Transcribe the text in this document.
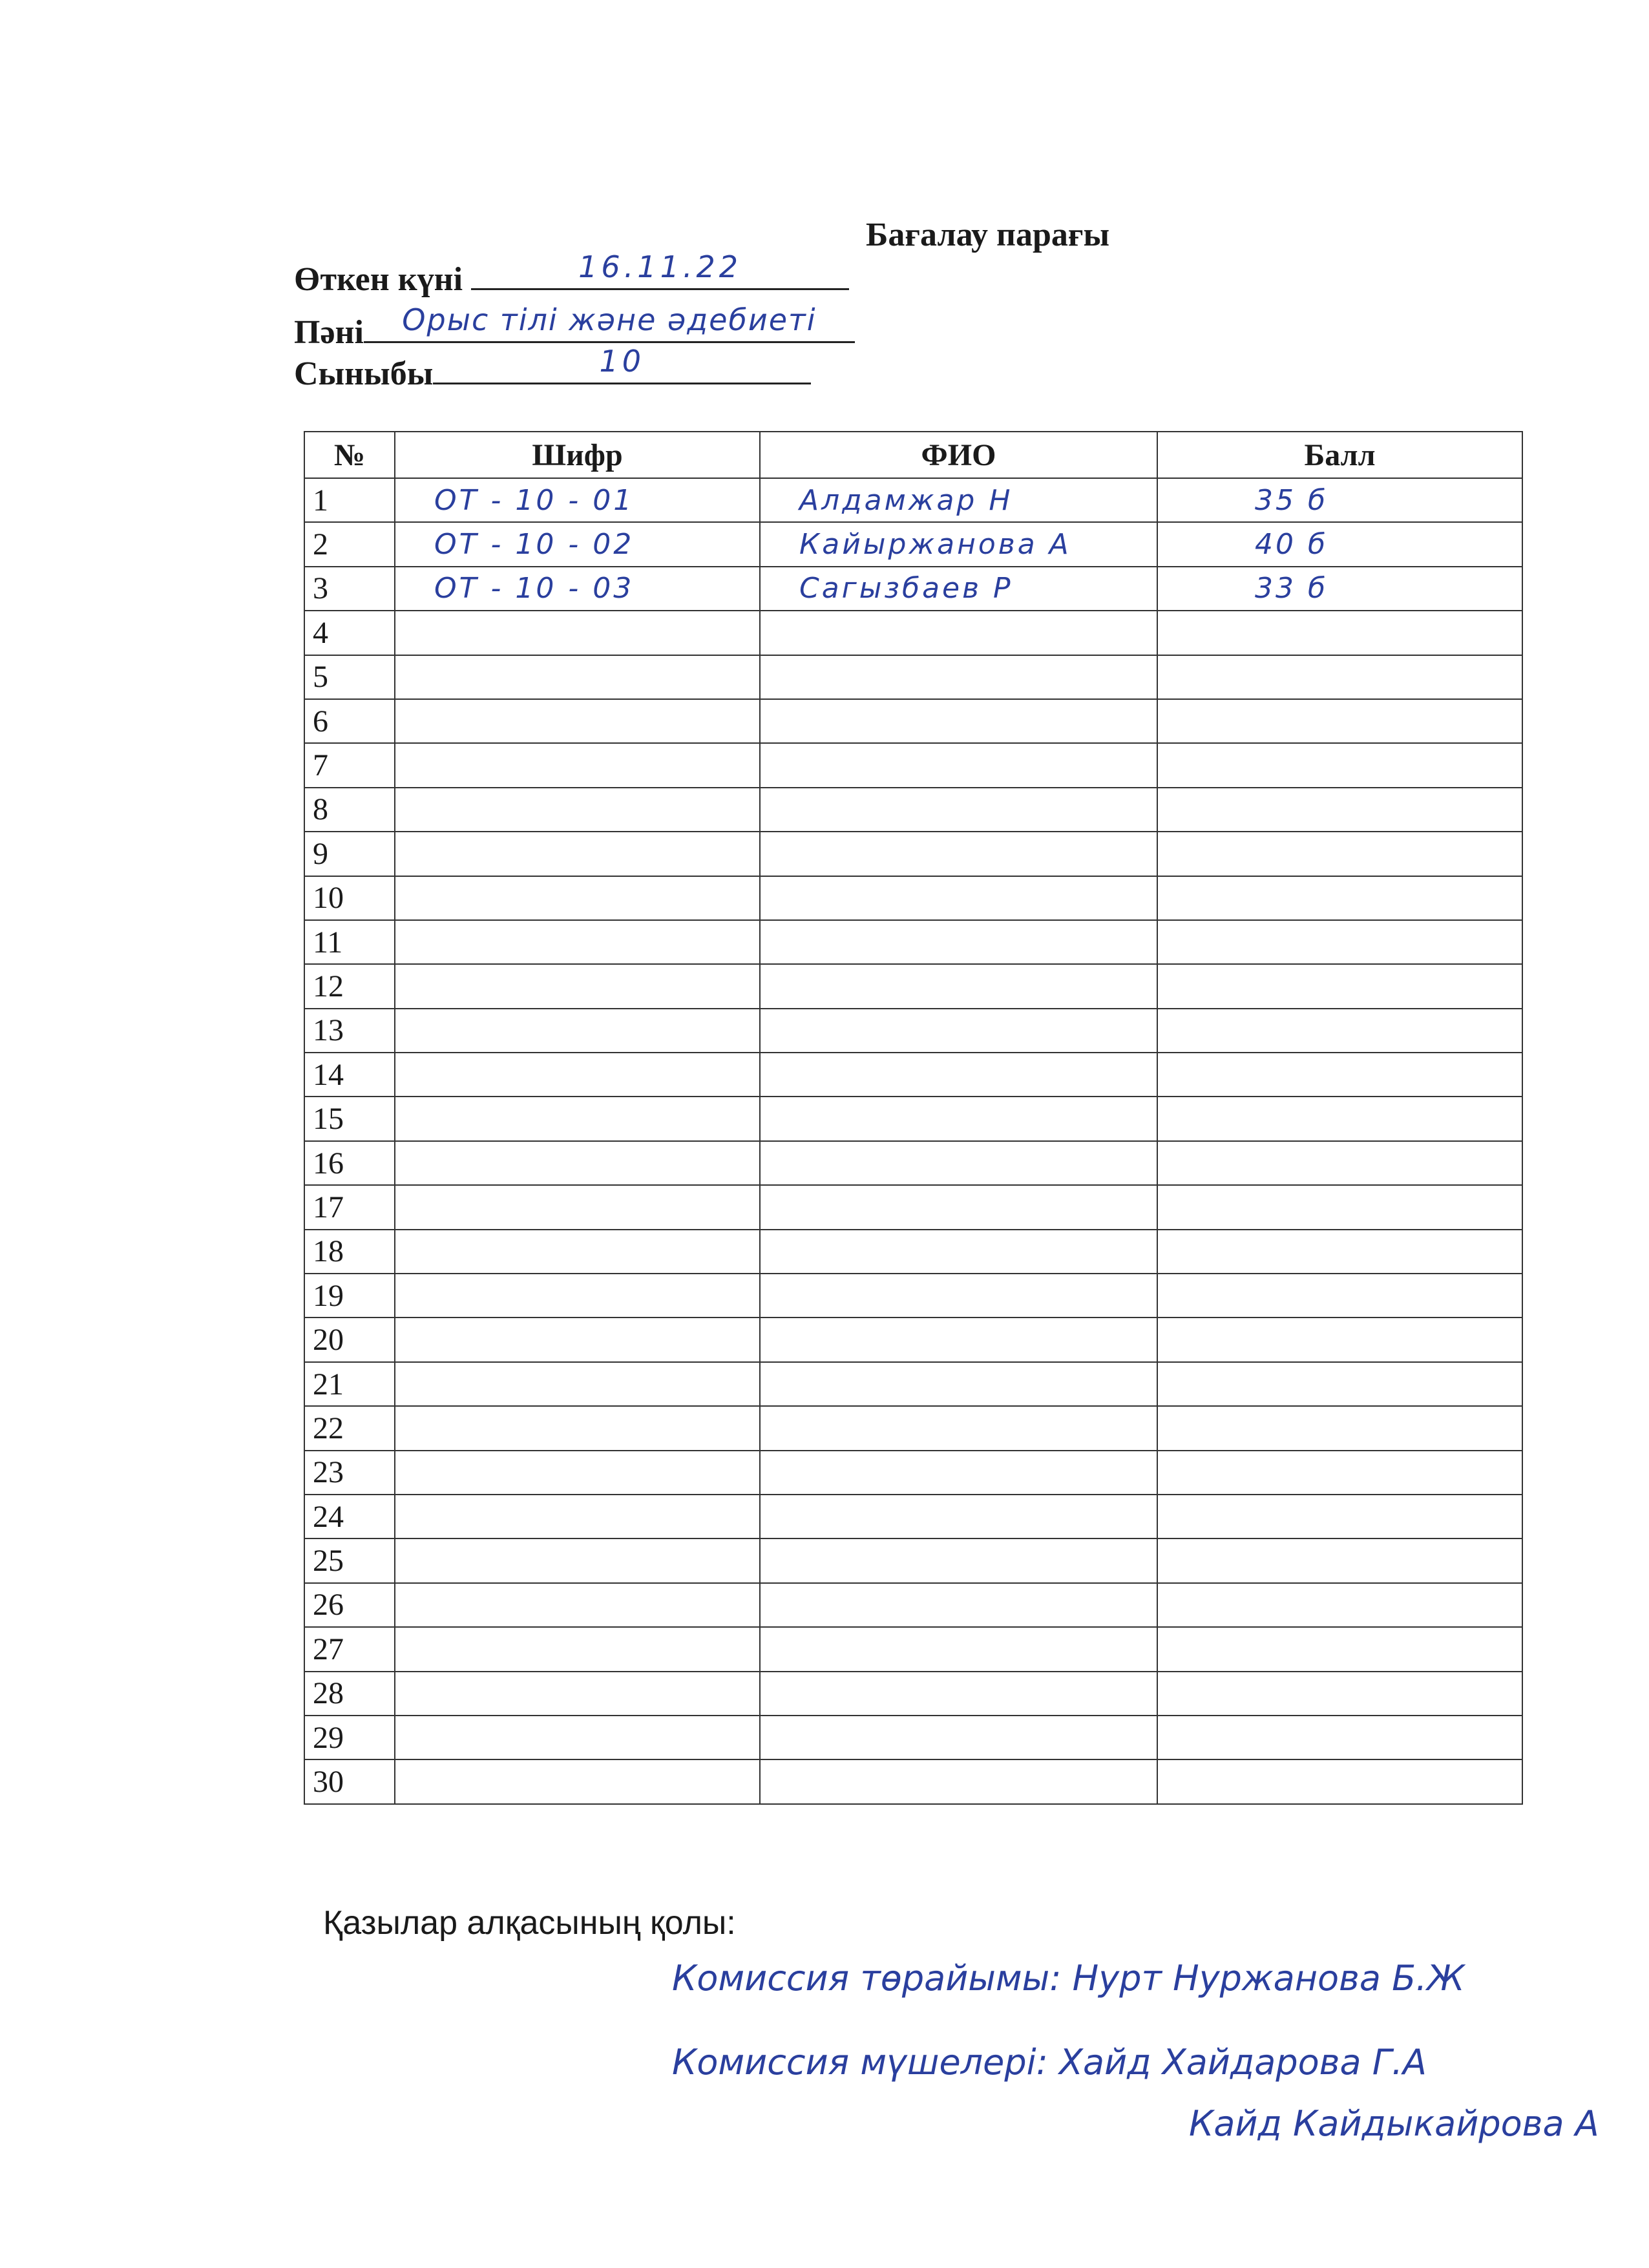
Бағалау парағы
Өткен күні	16.11.22
Пәні	Орыс тілі және әдебиеті
Сыныбы	10
№	Шифр	ФИО	Балл
1	ОТ - 10 - 01	Алдамжар Н	35 б

2	ОТ - 10 - 02	Кайыржанова А	40 б

3	ОТ - 10 - 03	Сагызбаев Р	33 б

4	

5	

6	

7	

8	

9	

10	

11	

12	

13	

14	

15	

16	

17	

18	

19	

20	

21	

22	

23	

24	

25	

26	

27	

28	

29	

30	

Қазылар алқасының қолы:
Комиссия төрайымы: Нурт Нуржанова Б.Ж
Комиссия мүшелері: Хайд Хайдарова Г.А
Кайд Кайдыкайрова А
